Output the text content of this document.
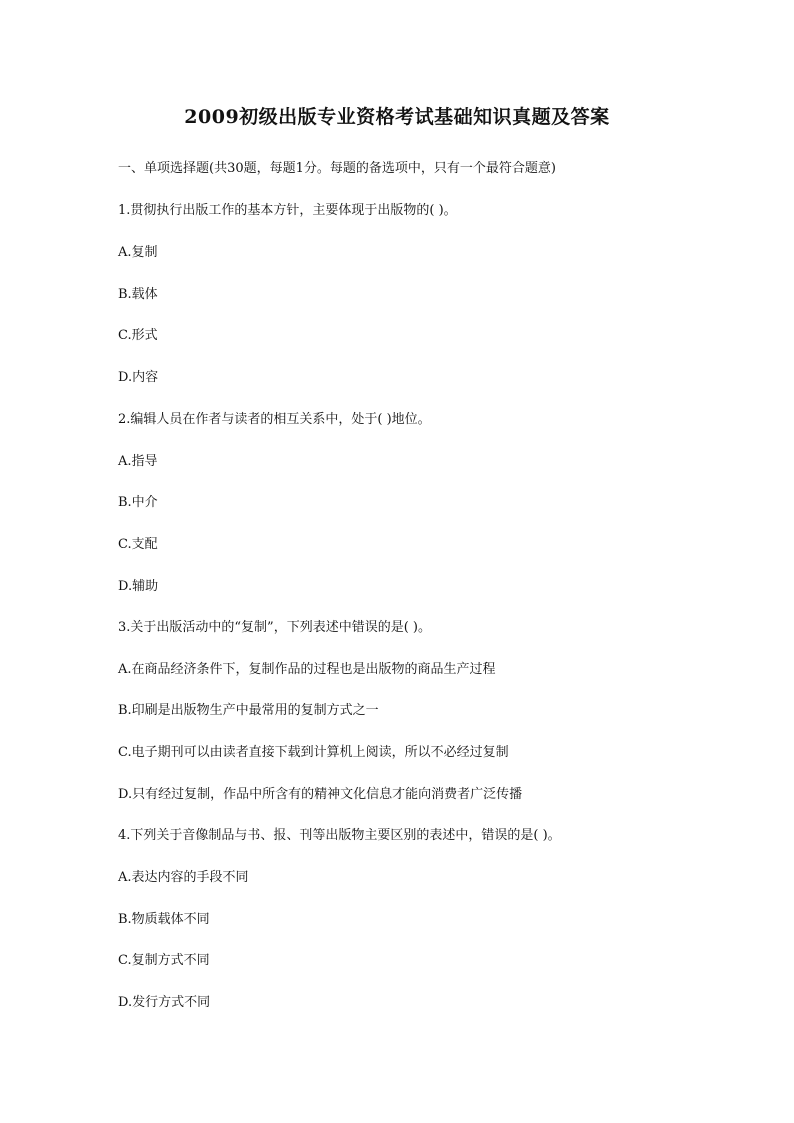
2009初级出版专业资格考试基础知识真题及答案
一、单项选择题(共30题，每题1分。每题的备选项中，只有一个最符合题意)
1.贯彻执行出版工作的基本方针，主要体现于出版物的( )。
A.复制
B.载体
C.形式
D.内容
2.编辑人员在作者与读者的相互关系中，处于( )地位。
A.指导
B.中介
C.支配
D.辅助
3.关于出版活动中的“复制”，下列表述中错误的是( )。
A.在商品经济条件下，复制作品的过程也是出版物的商品生产过程
B.印刷是出版物生产中最常用的复制方式之一
C.电子期刊可以由读者直接下载到计算机上阅读，所以不必经过复制
D.只有经过复制，作品中所含有的精神文化信息才能向消费者广泛传播
4.下列关于音像制品与书、报、刊等出版物主要区别的表述中，错误的是( )。
A.表达内容的手段不同
B.物质载体不同
C.复制方式不同
D.发行方式不同
